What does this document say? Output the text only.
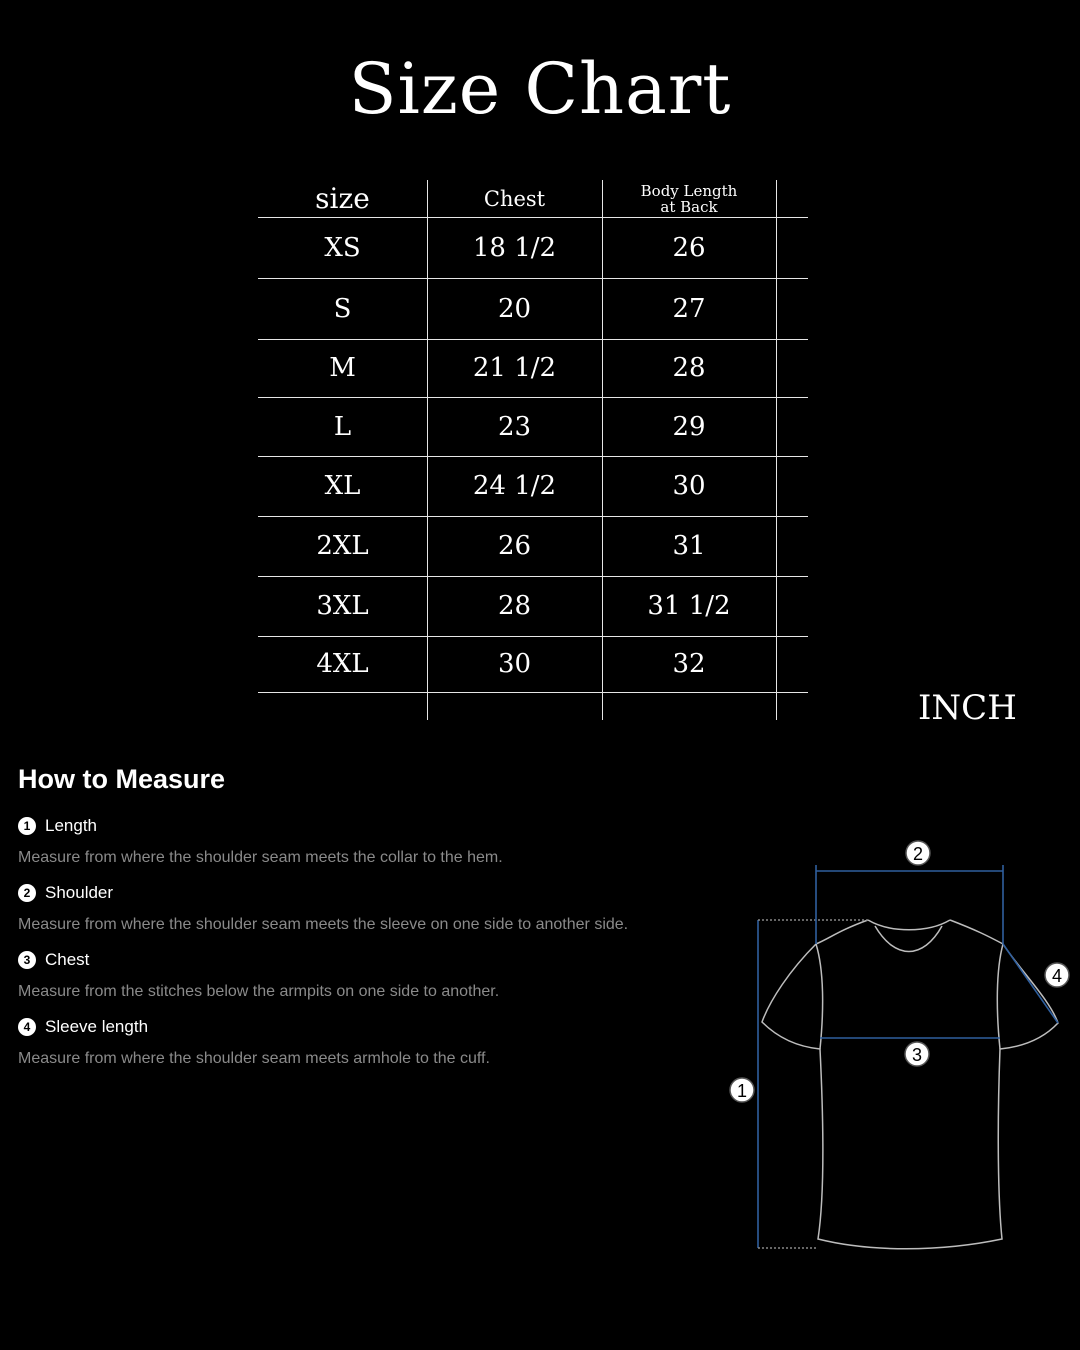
Size Chart
size	Chest	Body Length
at Back
XS	18 1/2	26
S	20	27
M	21 1/2	28
L	23	29
XL	24 1/2	30
2XL	26	31
3XL	28	31 1/2
4XL	30	32
INCH
How to Measure
1 Length
Measure from where the shoulder seam meets the collar to the hem.
2 Shoulder
Measure from where the shoulder seam meets the sleeve on one side to another side.
3 Chest
Measure from the stitches below the armpits on one side to another.
4 Sleeve length
Measure from where the shoulder seam meets armhole to the cuff.
1
2
3
4
